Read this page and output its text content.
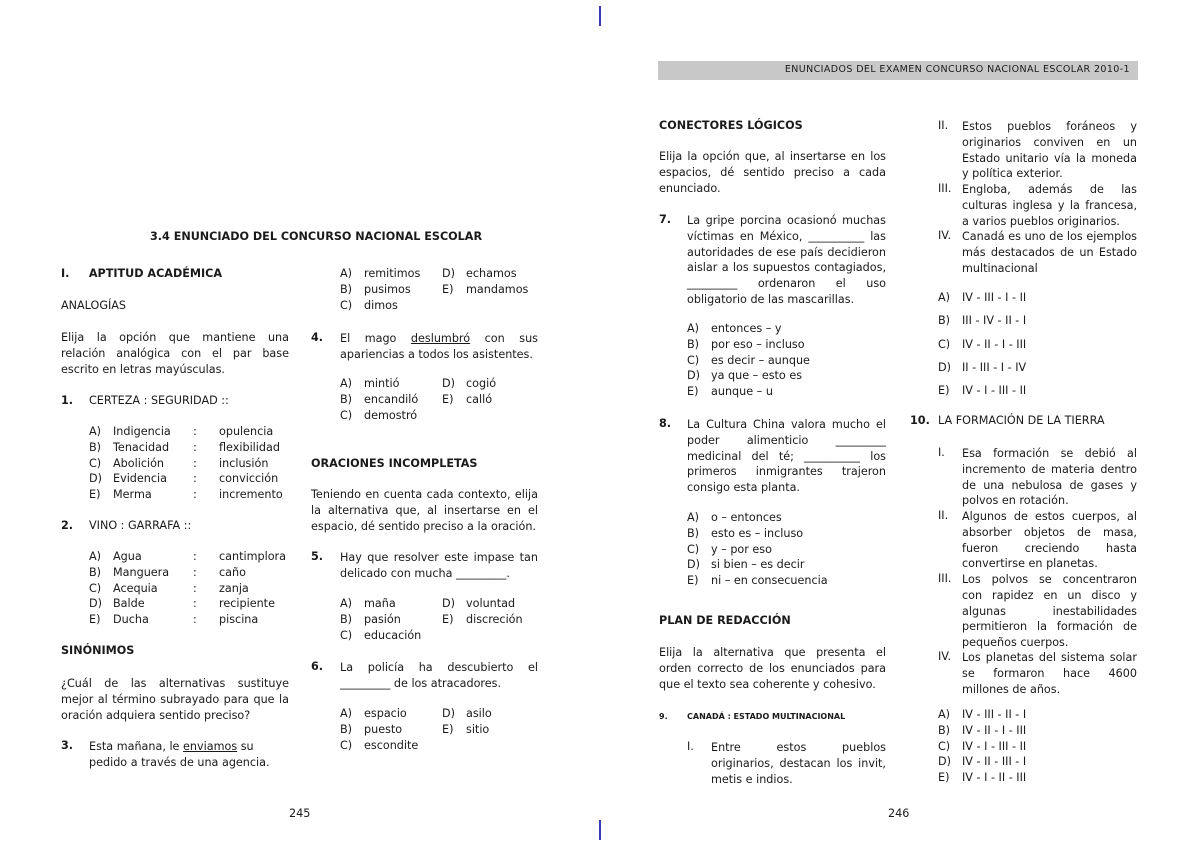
ENUNCIADOS DEL EXAMEN CONCURSO NACIONAL ESCOLAR 2010-1
3.4 ENUNCIADO DEL CONCURSO NACIONAL ESCOLAR
I.     APTITUD ACADÉMICA
ANALOGÍAS
Elija la opción que mantiene una relación analógica con el par base escrito en letras mayúsculas.
1. CERTEZA : SEGURIDAD ::
A) Indigencia : opulencia
B) Tenacidad : flexibilidad
C) Abolición	: inclusión
D) Evidencia : convicción
E) Merma	: incremento
2. VINO : GARRAFA ::
A) Agua	: cantimplora
B) Manguera : caño
C) Acequia	: zanja
D) Balde	: recipiente
E) Ducha	: piscina
SINÓNIMOS
¿Cuál de las alternativas sustituye mejor al término subrayado para que la oración adquiera sentido preciso?
3. Esta mañana, le enviamos su pedido a través de una agencia.
A) remitimos D) echamos
B) pusimos	E) mandamos
C) dimos
4. El mago deslumbró con sus apariencias a todos los asistentes.
A) mintió	D) cogió
B) encandiló E) calló
C) demostró
ORACIONES INCOMPLETAS
Teniendo en cuenta cada contexto, elija la alternativa que, al insertarse en el espacio, dé sentido preciso a la oración.
5. Hay que resolver este impase tan delicado con mucha _________.
A) maña	D) voluntad
B) pasión	E) discreción
C) educación
6. La policía ha descubierto el _________ de los atracadores.
A) espacio	D) asilo
B) puesto	E) sitio
C) escondite
245
CONECTORES LÓGICOS
Elija la opción que, al insertarse en los espacios, dé sentido preciso a cada enunciado.
7. La gripe porcina ocasionó muchas víctimas en México, __________ las autoridades de ese país decidieron aislar a los supuestos contagiados, _________ ordenaron el uso obligatorio de las mascarillas.
A) entonces – y
B) por eso – incluso
C) es decir – aunque
D) ya que – esto es
E) aunque – u
8. La Cultura China valora mucho el poder alimenticio _________ medicinal del té; __________ los primeros inmigrantes trajeron consigo esta planta.
A) o – entonces
B) esto es – incluso
C) y – por eso
D) si bien – es decir
E) ni – en consecuencia
PLAN DE REDACCIÓN
Elija la alternativa que presenta el orden correcto de los enunciados para que el texto sea coherente y cohesivo.
9. CANADÁ : ESTADO MULTINACIONAL
I. Entre estos pueblos originarios, destacan los invit, metis e indios.
II. Estos pueblos foráneos y originarios conviven en un Estado unitario vía la moneda y política exterior.
III. Engloba, además de las culturas inglesa y la francesa, a varios pueblos originarios.
IV. Canadá es uno de los ejemplos más destacados de un Estado multinacional
A) IV - III - I - II
B) III - IV - II - I
C) IV - II - I - III
D) II - III - I - IV
E) IV - I - III - II
10. LA FORMACIÓN DE LA TIERRA
I. Esa formación se debió al incremento de materia dentro de una nebulosa de gases y polvos en rotación.
II. Algunos de estos cuerpos, al absorber objetos de masa, fueron creciendo hasta convertirse en planetas.
III. Los polvos se concentraron con rapidez en un disco y algunas inestabilidades permitieron la formación de pequeños cuerpos.
IV. Los planetas del sistema solar se formaron hace 4600 millones de años.
A) IV - III - II - I
B) IV - II - I - III
C) IV - I - III - II
D) IV - II - III - I
E) IV - I - II - III
246
